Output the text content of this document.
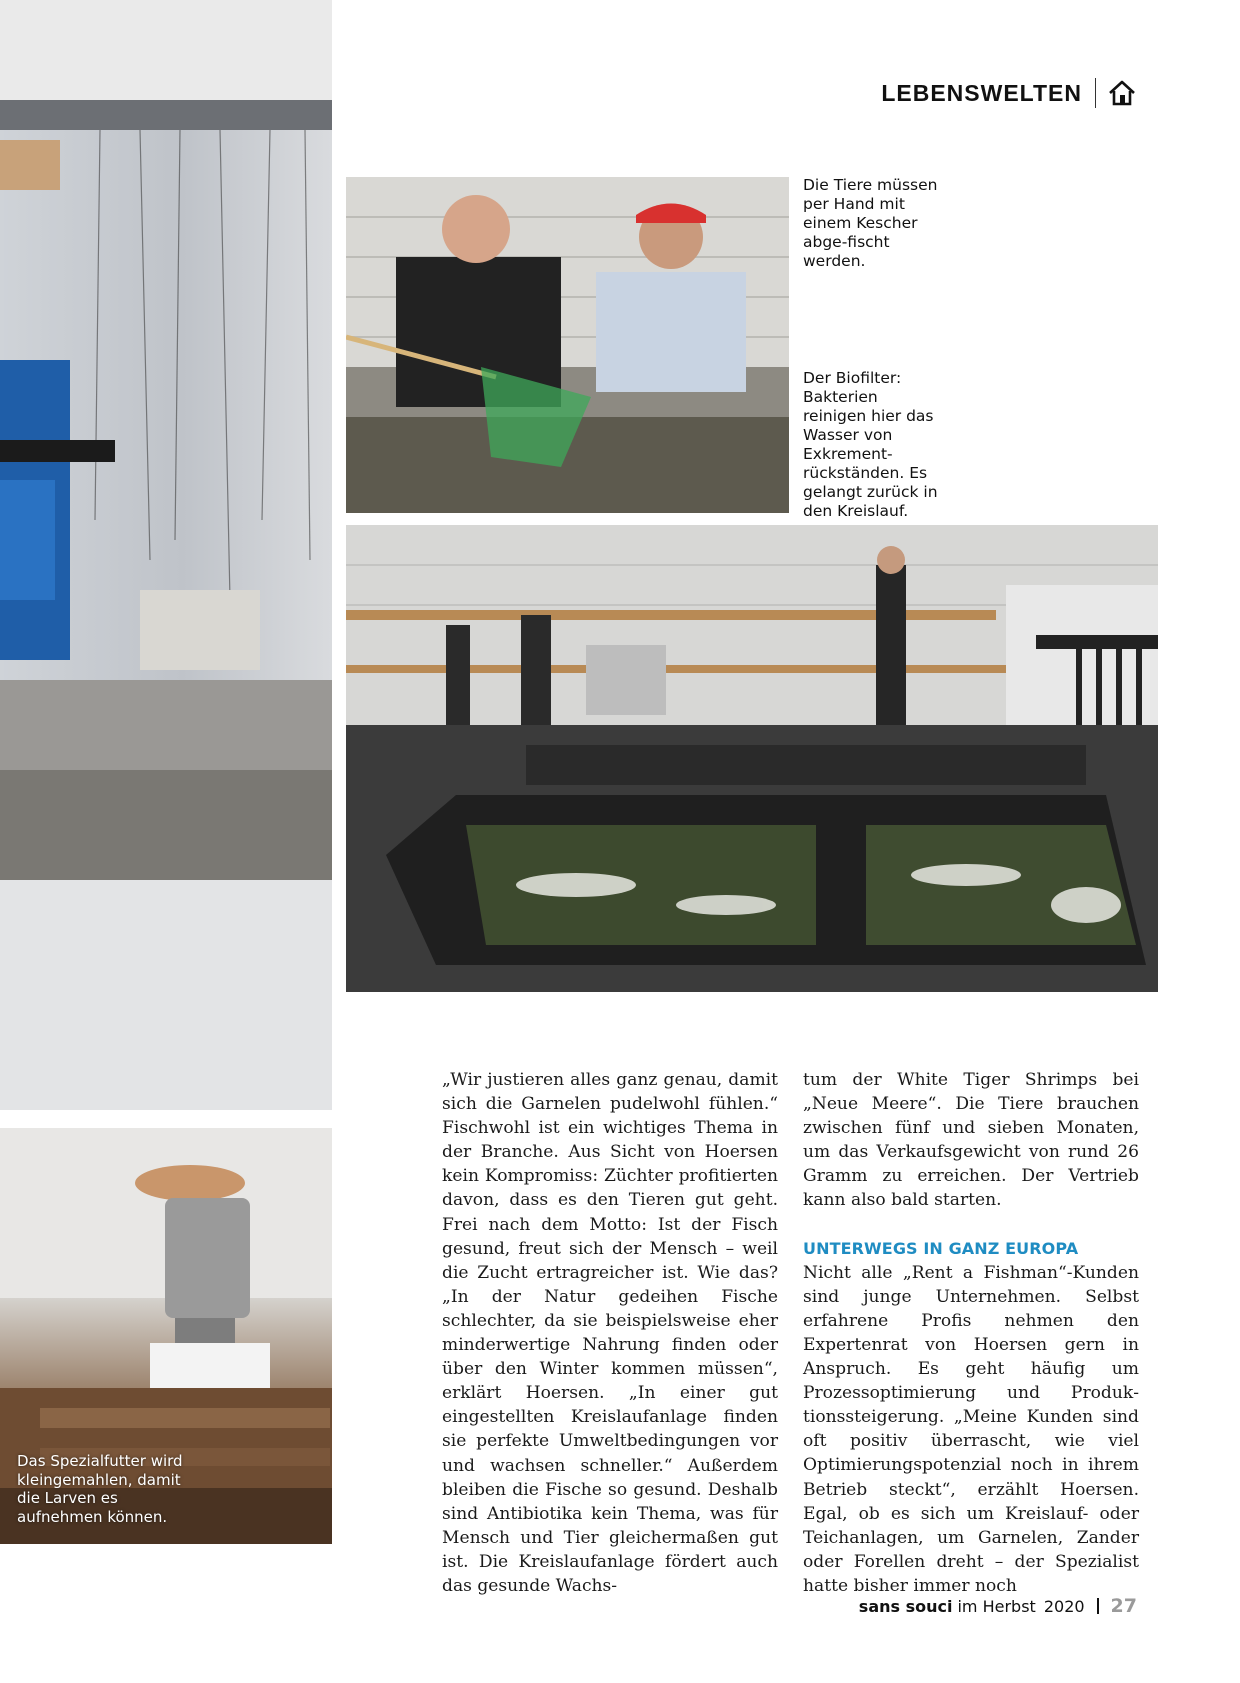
LEBENSWELTEN

Die Tiere müssen per Hand mit einem Kescher abge-fischt werden.

Der Biofilter: Bakterien reinigen hier das Wasser von Exkrement-rückständen. Es gelangt zurück in den Kreislauf.

Das Spezialfutter wird kleingemahlen, damit die Larven es aufnehmen können.

„Wir justieren alles ganz genau, damit sich die Garnelen pudelwohl fühlen.“ Fischwohl ist ein wichtiges Thema in der Branche. Aus Sicht von Hoersen kein Kompromiss: Züchter profitierten davon, dass es den Tieren gut geht. Frei nach dem Motto: Ist der Fisch gesund, freut sich der Mensch – weil die Zucht ertragreicher ist. Wie das? „In der Natur gedeihen Fische schlechter, da sie beispielsweise eher minderwertige Nahrung finden oder über den Winter kommen müssen“, erklärt Hoersen. „In einer gut eingestellten Kreislaufanlage finden sie perfekte Umweltbedingungen vor und wachsen schneller.“ Außerdem bleiben die Fische so gesund. Deshalb sind Antibiotika kein Thema, was für Mensch und Tier gleichermaßen gut ist. Die Kreislaufanlage fördert auch das gesunde Wachs-

tum der White Tiger Shrimps bei „Neue Meere“. Die Tiere brauchen zwischen fünf und sieben Monaten, um das Verkaufsgewicht von rund 26 Gramm zu erreichen. Der Vertrieb kann also bald starten.

UNTERWEGS IN GANZ EUROPA

Nicht alle „Rent a Fishman“-Kunden sind junge Unternehmen. Selbst erfahrene Profis nehmen den Expertenrat von Hoersen gern in Anspruch. Es geht häufig um Prozessoptimierung und Produktionssteigerung. „Meine Kunden sind oft positiv überrascht, wie viel Optimierungspotenzial noch in ihrem Betrieb steckt“, erzählt Hoersen. Egal, ob es sich um Kreislauf- oder Teichanlagen, um Garnelen, Zander oder Forellen dreht – der Spezialist hatte bisher immer noch

sans souci im Herbst 2020 27
